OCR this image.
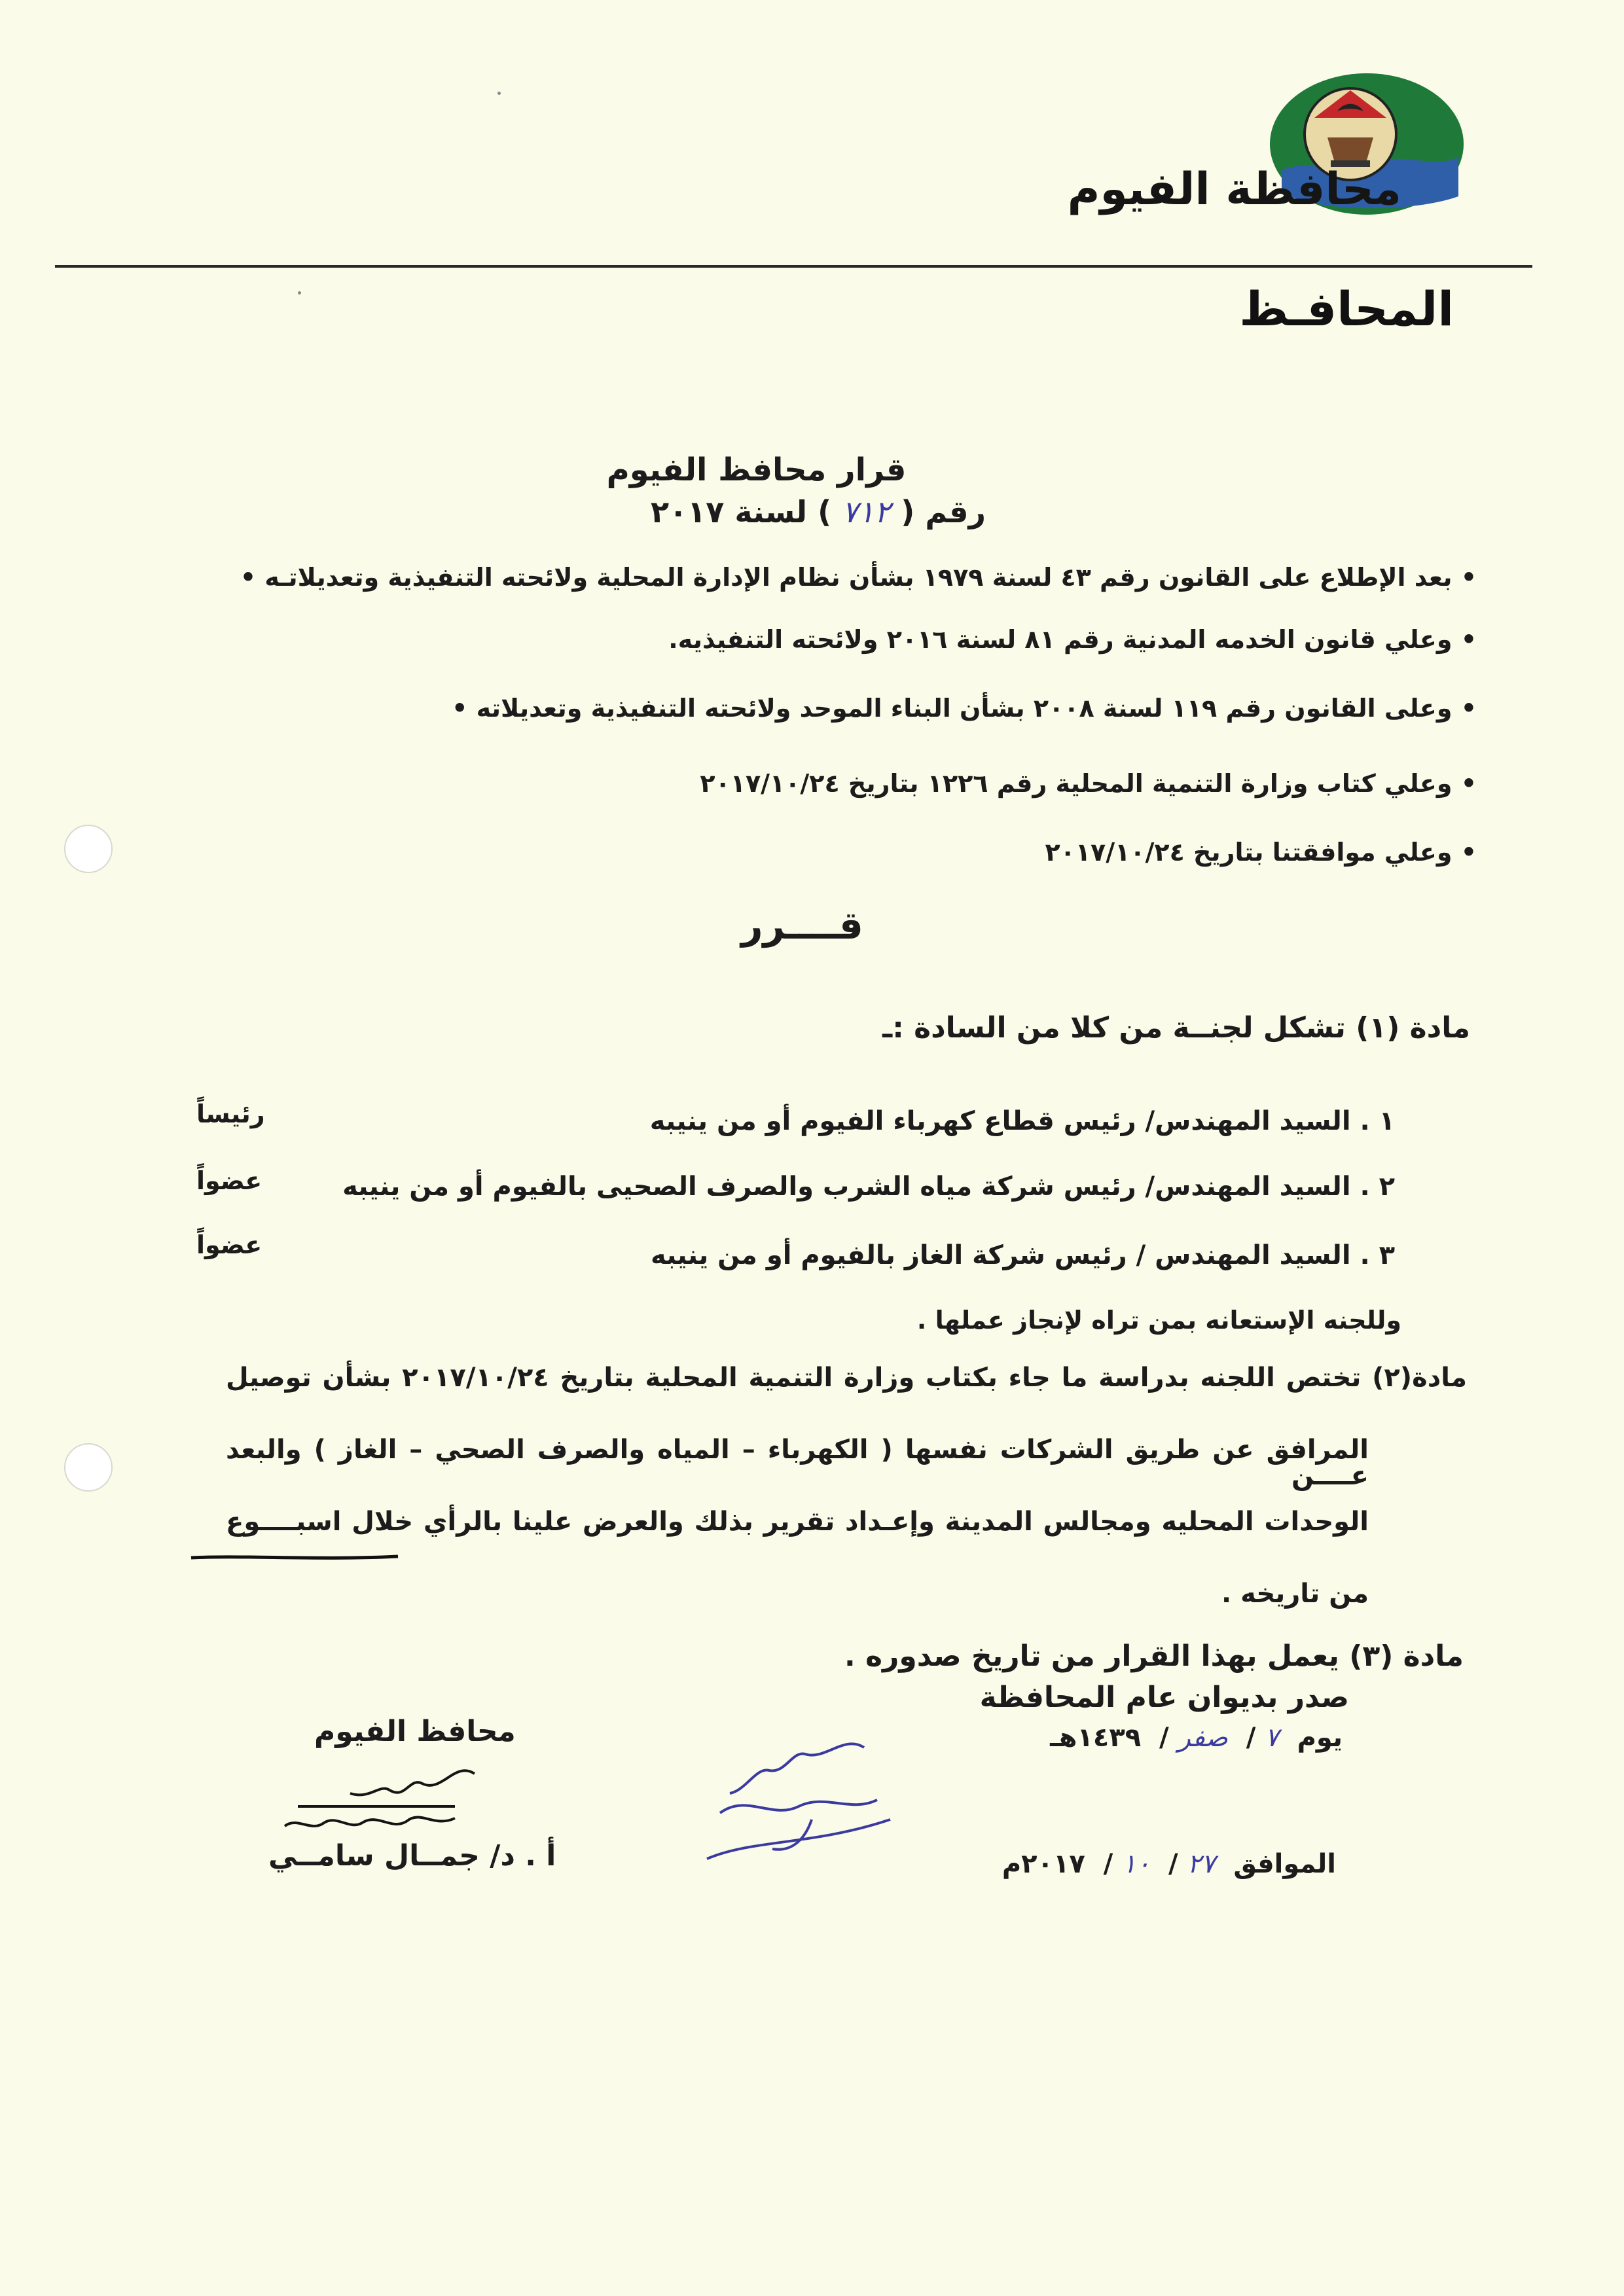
محافظة الفيوم
المحافـظ
قرار محافظ الفيوم
رقم ( ٧١٢ ) لسنة ٢٠١٧
• بعد الإطلاع على القانون رقم ٤٣ لسنة ١٩٧٩ بشأن نظام الإدارة المحلية ولائحته التنفيذية وتعديلاتـه •
• وعلي قانون الخدمه المدنية رقم ٨١ لسنة ٢٠١٦ ولائحته التنفيذيه.
• وعلى القانون رقم ١١٩ لسنة ٢٠٠٨ بشأن البناء الموحد ولائحته التنفيذية وتعديلاته •
• وعلي كتاب وزارة التنمية المحلية رقم ١٢٢٦ بتاريخ ٢٠١٧/١٠/٢٤
• وعلي موافقتنا بتاريخ ٢٠١٧/١٠/٢٤
قــــرر
مادة (١) تشكل لجنــة من كلا من السادة :ـ
١ . السيد المهندس/ رئيس قطاع كهرباء الفيوم أو من ينيبه
٢ . السيد المهندس/ رئيس شركة مياه الشرب والصرف الصحيى بالفيوم أو من ينيبه
٣ . السيد المهندس / رئيس شركة الغاز بالفيوم أو من ينيبه
رئيساً
عضواً
عضواً
وللجنه الإستعانه بمن تراه لإنجاز عملها .
مادة(٢) تختص اللجنه بدراسة ما جاء بكتاب وزارة التنمية المحلية بتاريخ ٢٠١٧/١٠/٢٤ بشأن توصيل
المرافق عن طريق الشركات نفسها ( الكهرباء – المياه والصرف الصحي – الغاز ) والبعد عــــن
الوحدات المحليه ومجالس المدينة وإعـداد تقرير بذلك والعرض علينا بالرأي خلال اسبــــوع
من تاريخه .
مادة (٣) يعمل بهذا القرار من تاريخ صدوره .
صدر بديوان عام المحافظة
يوم  ٧ /  صفر /  ١٤٣٩هـ
الموافق  ٢٧ /  ١٠ /  ٢٠١٧م
محافظ الفيوم
أ . د/ جمــال سامــي
